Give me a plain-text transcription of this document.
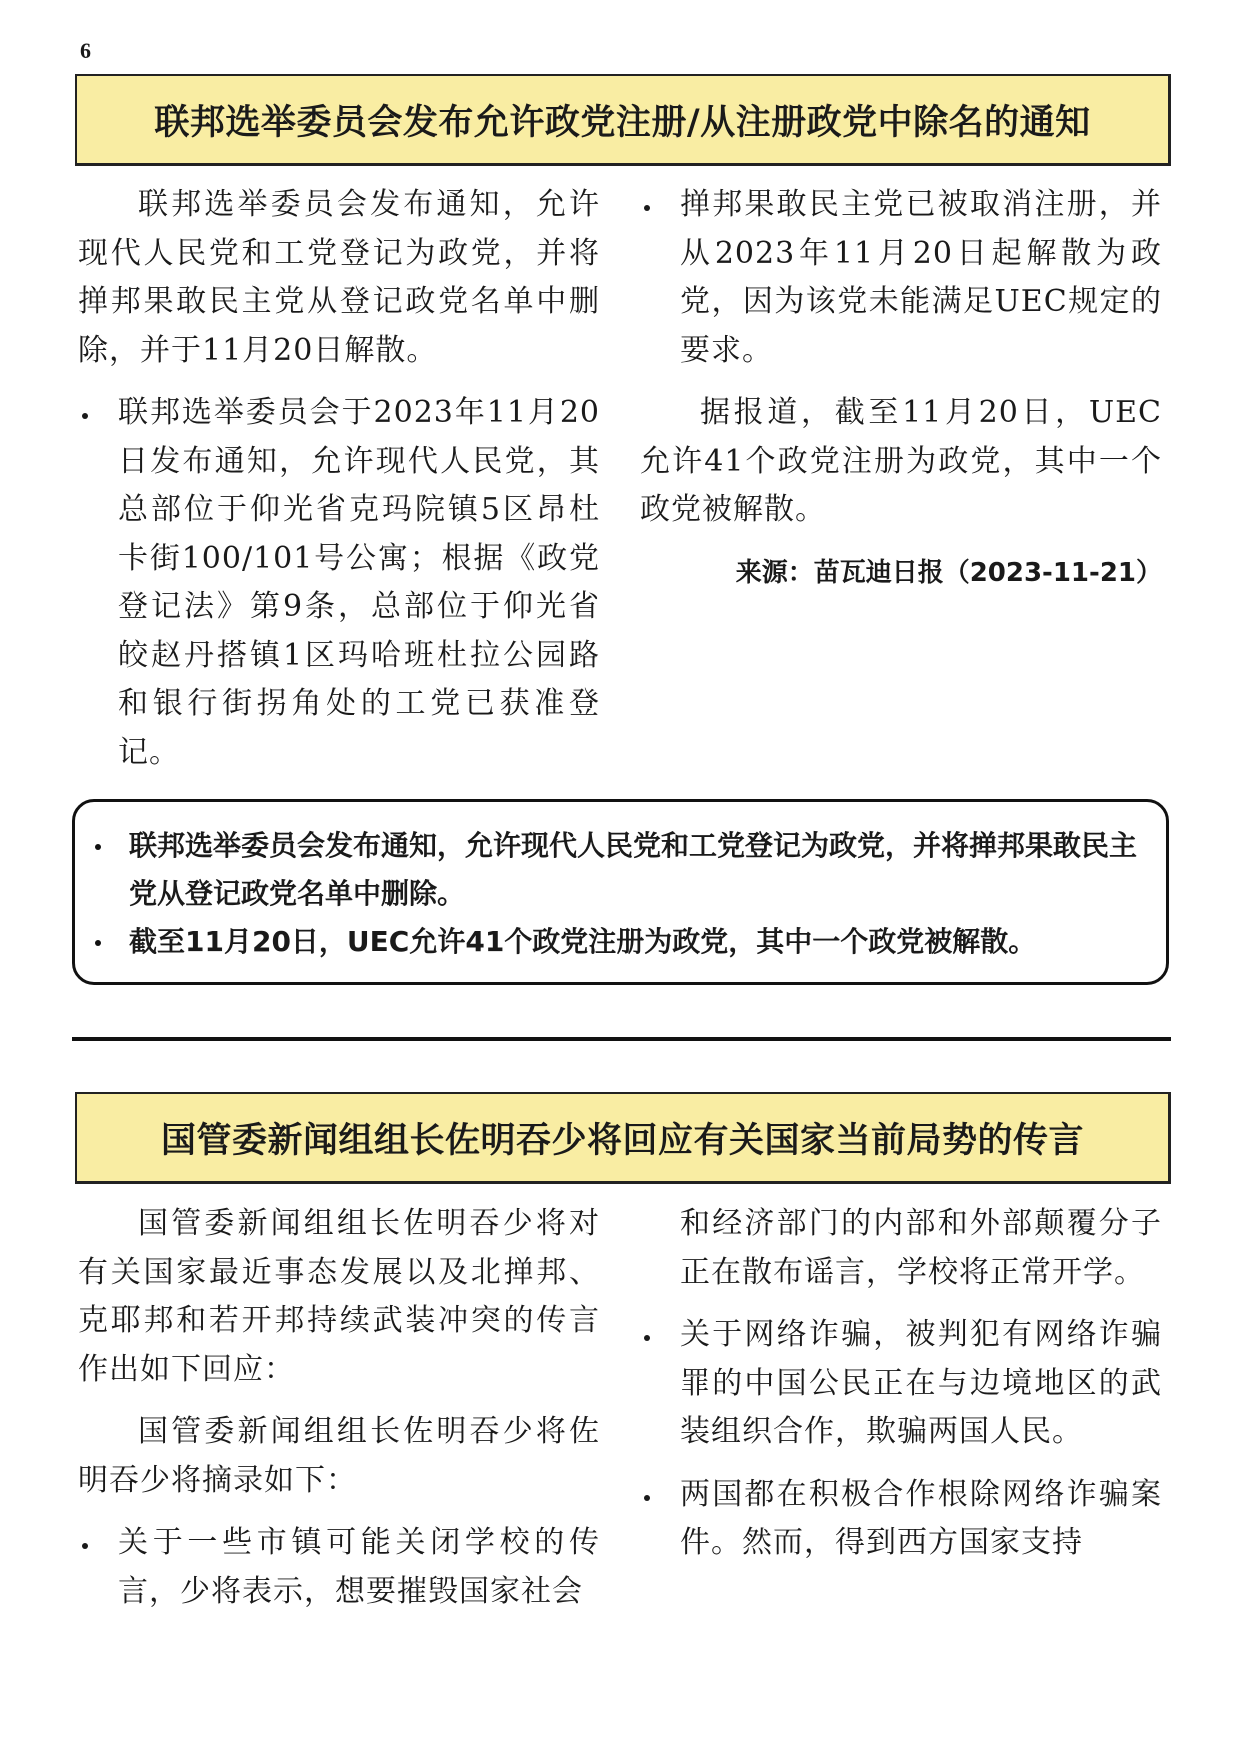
6
联邦选举委员会发布允许政党注册/从注册政党中除名的通知

联邦选举委员会发布通知，允许现代人民党和工党登记为政党，并将掸邦果敢民主党从登记政党名单中删除，并于11月20日解散。

联邦选举委员会于2023年11月20日发布通知，允许现代人民党，其总部位于仰光省克玛院镇5区昂杜卡街100/101号公寓；根据《政党登记法》第9条，总部位于仰光省皎赵丹搭镇1区玛哈班杜拉公园路和银行街拐角处的工党已获准登记。
掸邦果敢民主党已被取消注册，并从2023年11月20日起解散为政党，因为该党未能满足UEC规定的要求。

据报道，截至11月20日，UEC允许41个政党注册为政党，其中一个政党被解散。

来源：苗瓦迪日报（2023-11-21）
联邦选举委员会发布通知，允许现代人民党和工党登记为政党，并将掸邦果敢民主党从登记政党名单中删除。
截至11月20日，UEC允许41个政党注册为政党，其中一个政党被解散。
国管委新闻组组长佐明吞少将回应有关国家当前局势的传言

国管委新闻组组长佐明吞少将对有关国家最近事态发展以及北掸邦、克耶邦和若开邦持续武装冲突的传言作出如下回应：

国管委新闻组组长佐明吞少将佐明吞少将摘录如下：

关于一些市镇可能关闭学校的传言，少将表示，想要摧毁国家社会

和经济部门的内部和外部颠覆分子正在散布谣言，学校将正常开学。

关于网络诈骗，被判犯有网络诈骗罪的中国公民正在与边境地区的武装组织合作，欺骗两国人民。
两国都在积极合作根除网络诈骗案件。然而，得到西方国家支持
